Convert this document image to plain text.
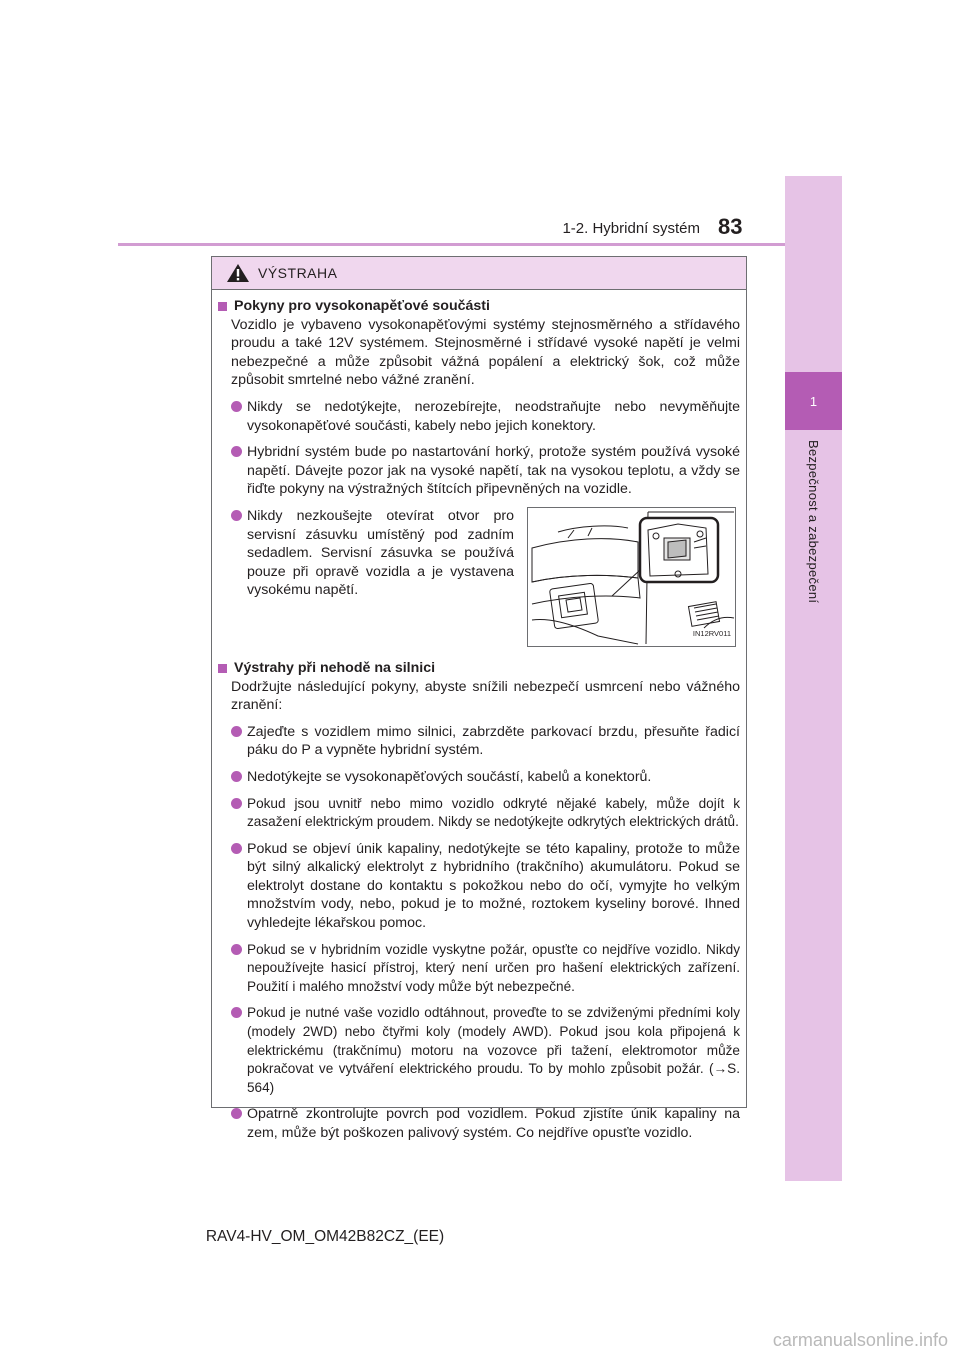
1
Bezpečnost a zabezpečení
1-2. Hybridní systém 83
VÝSTRAHA
Pokyny pro vysokonapěťové součásti
Vozidlo je vybaveno vysokonapěťovými systémy stejnosměrného a střídavého proudu a také 12V systémem. Stejnosměrné i střídavé vysoké napětí je velmi nebezpečné a může způsobit vážná popálení a elektrický šok, což může způsobit smrtelné nebo vážné zranění.
Nikdy se nedotýkejte, nerozebírejte, neodstraňujte nebo nevyměňujte vysokonapěťové součásti, kabely nebo jejich konektory.
Hybridní systém bude po nastartování horký, protože systém používá vysoké napětí. Dávejte pozor jak na vysoké napětí, tak na vysokou teplotu, a vždy se řiďte pokyny na výstražných štítcích připevněných na vozidle.
Nikdy nezkoušejte otevírat otvor pro servisní zásuvku umístěný pod zadním sedadlem. Servisní zásuvka se používá pouze při opravě vozidla a je vystavena vysokému napětí.
IN12RV011
Výstrahy při nehodě na silnici
Dodržujte následující pokyny, abyste snížili nebezpečí usmrcení nebo vážného zranění:
Zajeďte s vozidlem mimo silnici, zabrzděte parkovací brzdu, přesuňte řadicí páku do P a vypněte hybridní systém.
Nedotýkejte se vysokonapěťových součástí, kabelů a konektorů.
Pokud jsou uvnitř nebo mimo vozidlo odkryté nějaké kabely, může dojít k zasažení elektrickým proudem. Nikdy se nedotýkejte odkrytých elektrických drátů.
Pokud se objeví únik kapaliny, nedotýkejte se této kapaliny, protože to může být silný alkalický elektrolyt z hybridního (trakčního) akumulátoru. Pokud se elektrolyt dostane do kontaktu s pokožkou nebo do očí, vymyjte ho velkým množstvím vody, nebo, pokud je to možné, roztokem kyseliny borové. Ihned vyhledejte lékařskou pomoc.
Pokud se v hybridním vozidle vyskytne požár, opusťte co nejdříve vozidlo. Nikdy nepoužívejte hasicí přístroj, který není určen pro hašení elektrických zařízení. Použití i malého množství vody může být nebezpečné.
Pokud je nutné vaše vozidlo odtáhnout, proveďte to se zdviženými předními koly (modely 2WD) nebo čtyřmi koly (modely AWD). Pokud jsou kola připojená k elektrickému (trakčnímu) motoru na vozovce při tažení, elektromotor může pokračovat ve vytváření elektrického proudu. To by mohlo způsobit požár. (→S. 564)
Opatrně zkontrolujte povrch pod vozidlem. Pokud zjistíte únik kapaliny na zem, může být poškozen palivový systém. Co nejdříve opusťte vozidlo.
RAV4-HV_OM_OM42B82CZ_(EE)
carmanualsonline.info
